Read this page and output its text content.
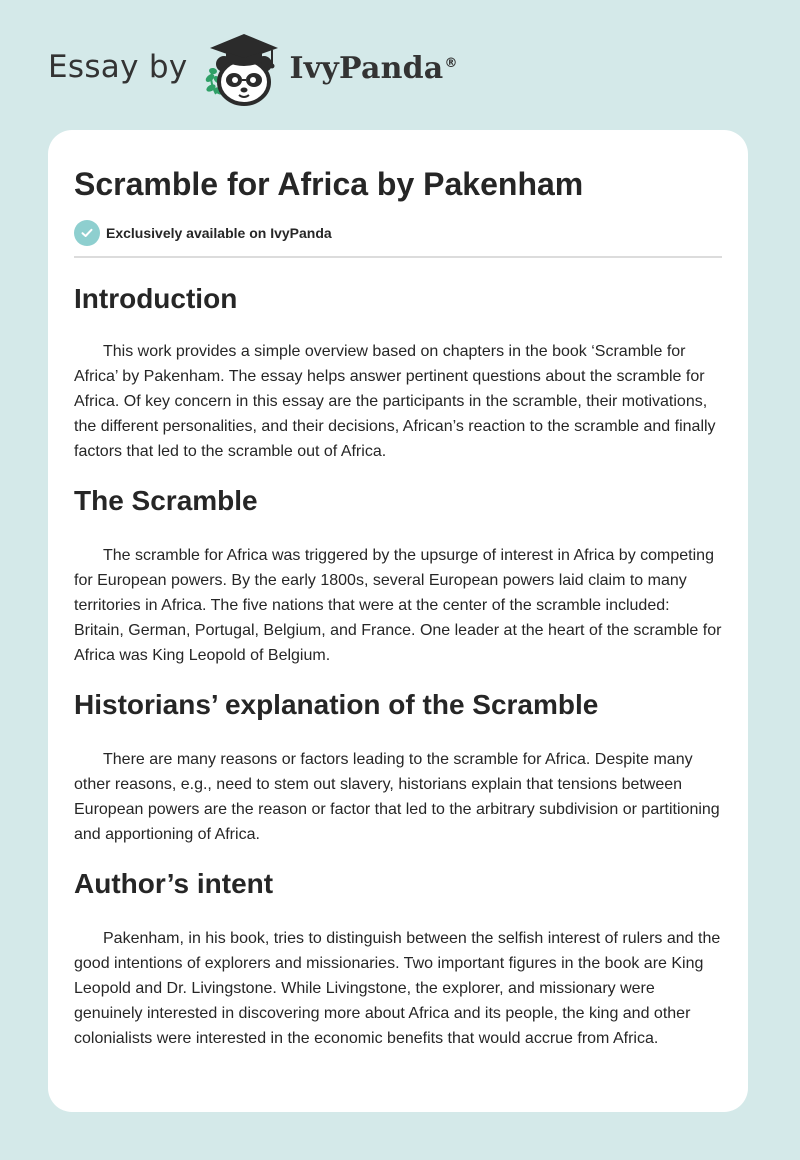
Essay by	IvyPanda®
Scramble for Africa by Pakenham
Exclusively available on IvyPanda
Introduction

This work provides a simple overview based on chapters in the book ‘Scramble for Africa’ by Pakenham. The essay helps answer pertinent questions about the scramble for Africa. Of key concern in this essay are the participants in the scramble, their motivations, the different personalities, and their decisions, African’s reaction to the scramble and finally factors that led to the scramble out of Africa.

The Scramble

The scramble for Africa was triggered by the upsurge of interest in Africa by competing for European powers. By the early 1800s, several European powers laid claim to many territories in Africa. The five nations that were at the center of the scramble included: Britain, German, Portugal, Belgium, and France. One leader at the heart of the scramble for Africa was King Leopold of Belgium.

Historians’ explanation of the Scramble

There are many reasons or factors leading to the scramble for Africa. Despite many other reasons, e.g., need to stem out slavery, historians explain that tensions between European powers are the reason or factor that led to the arbitrary subdivision or partitioning and apportioning of Africa.

Author’s intent

Pakenham, in his book, tries to distinguish between the selfish interest of rulers and the good intentions of explorers and missionaries. Two important figures in the book are King Leopold and Dr. Livingstone. While Livingstone, the explorer, and missionary were genuinely interested in discovering more about Africa and its people, the king and other colonialists were interested in the economic benefits that would accrue from Africa.
